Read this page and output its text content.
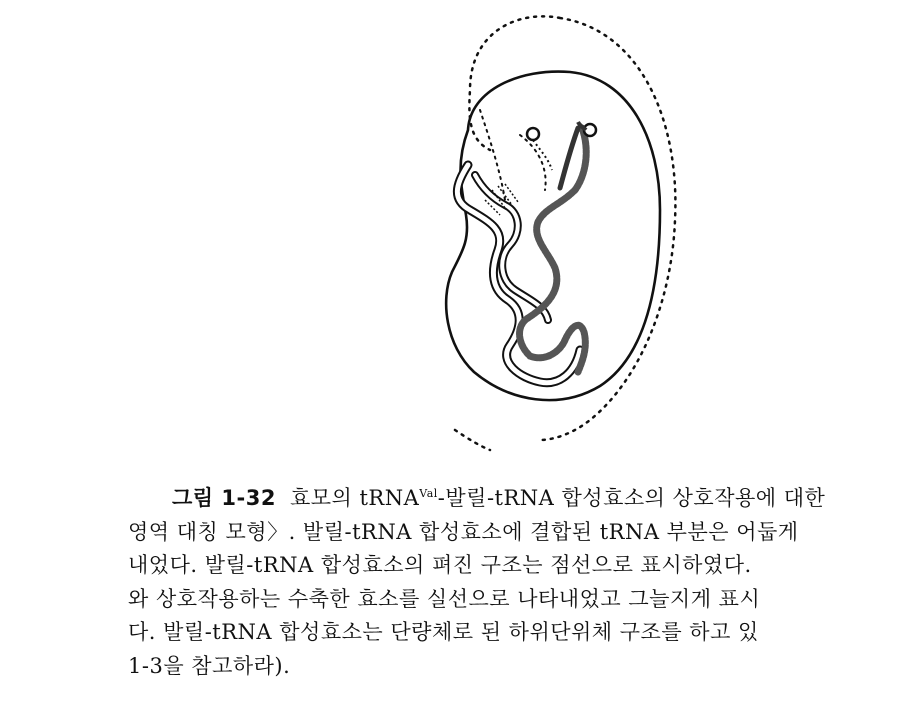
그림 1-32 효모의 tRNA$^{Val}$-발릴-tRNA 합성효소의 상호작용에 대한
영역 대칭 모형〉. 발릴-tRNA 합성효소에 결합된 tRNA 부분은 어둡게
내었다. 발릴-tRNA 합성효소의 펴진 구조는 점선으로 표시하였다.
와 상호작용하는 수축한 효소를 실선으로 나타내었고 그늘지게 표시
다. 발릴-tRNA 합성효소는 단량체로 된 하위단위체 구조를 하고 있
1-3을 참고하라).
